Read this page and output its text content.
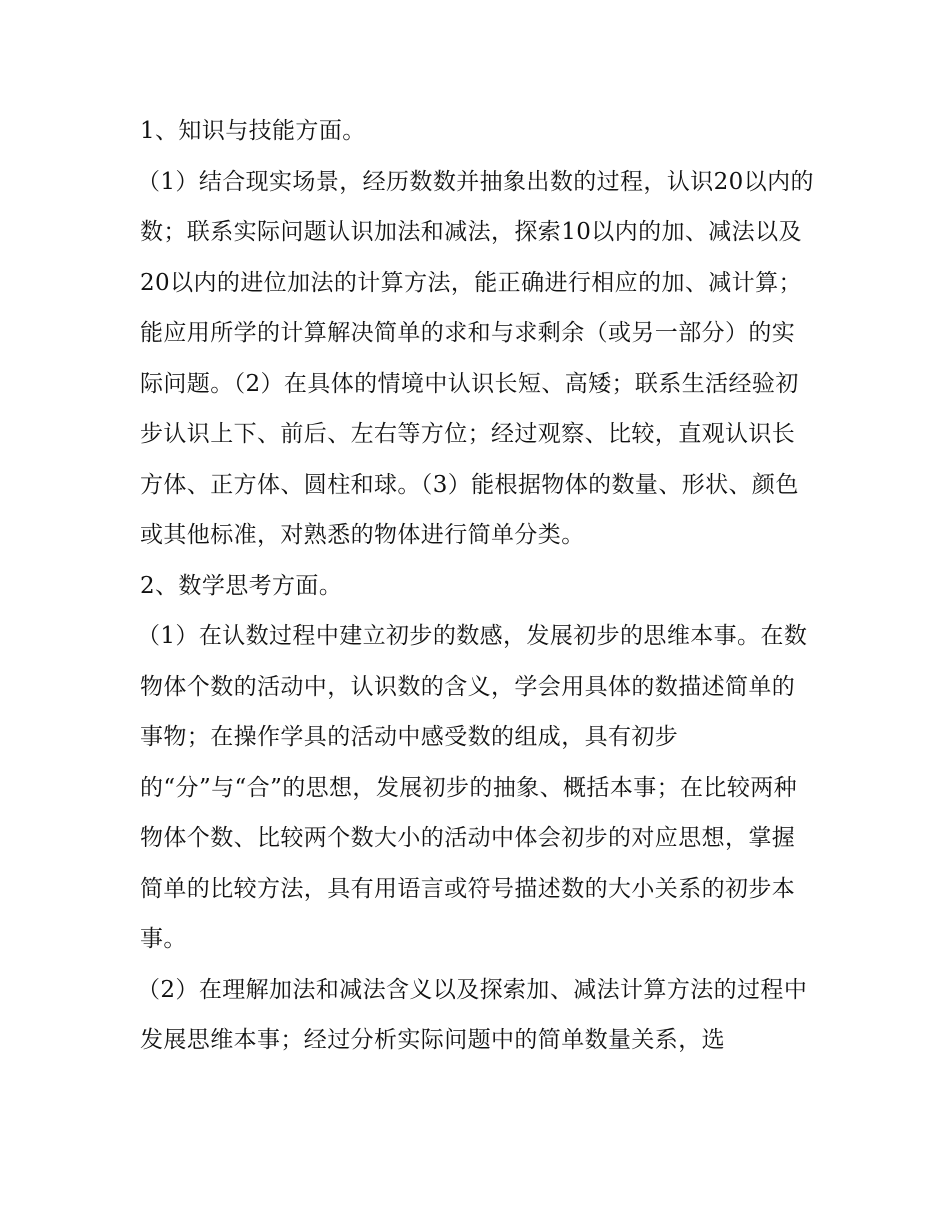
1、知识与技能方面。

（1）结合现实场景，经历数数并抽象出数的过程，认识20以内的数；联系实际问题认识加法和减法，探索10以内的加、减法以及20以内的进位加法的计算方法，能正确进行相应的加、减计算；能应用所学的计算解决简单的求和与求剩余（或另一部分）的实际问题。（2）在具体的情境中认识长短、高矮；联系生活经验初步认识上下、前后、左右等方位；经过观察、比较，直观认识长方体、正方体、圆柱和球。（3）能根据物体的数量、形状、颜色或其他标准，对熟悉的物体进行简单分类。

2、数学思考方面。

（1）在认数过程中建立初步的数感，发展初步的思维本事。在数物体个数的活动中，认识数的含义，学会用具体的数描述简单的事物；在操作学具的活动中感受数的组成，具有初步的“分”与“合”的思想，发展初步的抽象、概括本事；在比较两种物体个数、比较两个数大小的活动中体会初步的对应思想，掌握简单的比较方法，具有用语言或符号描述数的大小关系的初步本事。

（2）在理解加法和减法含义以及探索加、减法计算方法的过程中发展思维本事；经过分析实际问题中的简单数量关系，选
